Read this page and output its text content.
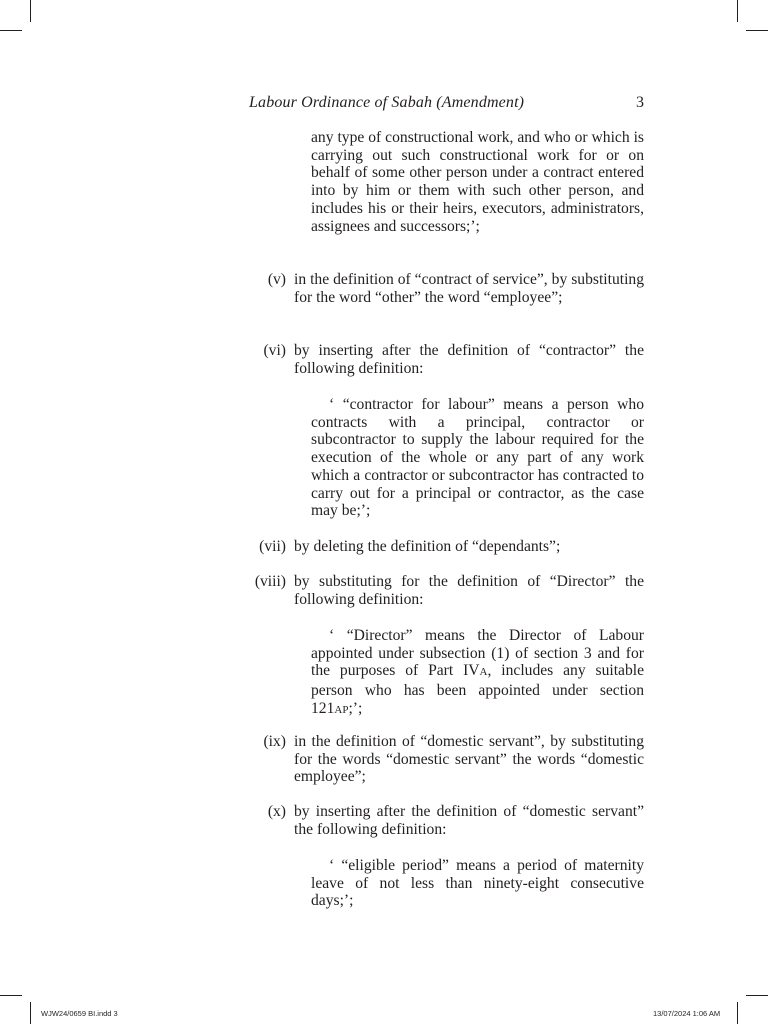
Labour Ordinance of Sabah (Amendment)	3
any type of constructional work, and who or which is carrying out such constructional work for or on behalf of some other person under a contract entered into by him or them with such other person, and includes his or their heirs, executors, administrators, assignees and successors;’;
(v) in the definition of “contract of service”, by substituting for the word “other” the word “employee”;
(vi) by inserting after the definition of “contractor” the following definition:
‘ “contractor for labour” means a person who contracts with a principal, contractor or subcontractor to supply the labour required for the execution of the whole or any part of any work which a contractor or subcontractor has contracted to carry out for a principal or contractor, as the case may be;’;
(vii) by deleting the definition of “dependants”;
(viii) by substituting for the definition of “Director” the following definition:
‘ “Director” means the Director of Labour appointed under subsection (1) of section 3 and for the purposes of Part IVA, includes any suitable person who has been appointed under section 121AP;’;
(ix) in the definition of “domestic servant”, by substituting for the words “domestic servant” the words “domestic employee”;
(x) by inserting after the definition of “domestic servant” the following definition:
‘ “eligible period” means a period of maternity leave of not less than ninety-eight consecutive days;’;
WJW24/0659 BI.indd 3	13/07/2024 1:06 AM
